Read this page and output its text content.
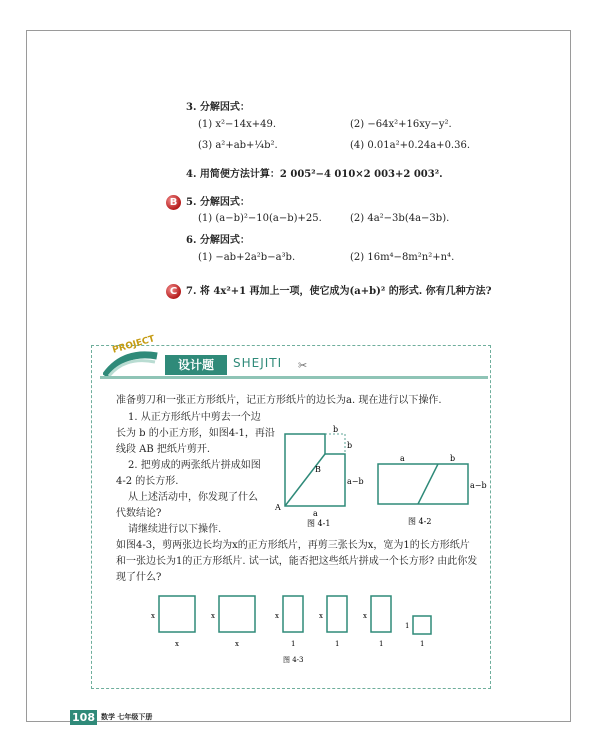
3. 分解因式：
(1) x²−14x+49.	(2) −64x²+16xy−y².
(3) a²+ab+¼b².	(4) 0.01a²+0.24a+0.36.
4. 用简便方法计算：2 005²−4 010×2 003+2 003².
B 5. 分解因式：
(1) (a−b)²−10(a−b)+25.	(2) 4a²−3b(4a−3b).
6. 分解因式：
(1) −ab+2a²b−a³b.	(2) 16m⁴−8m²n²+n⁴.
C 7. 将 4x²+1 再加上一项，使它成为(a+b)² 的形式. 你有几种方法?
PROJECT
设计题	SHEJITI ✂
准备剪刀和一张正方形纸片，记正方形纸片的边长为a. 现在进行以下操作.
1. 从正方形纸片中剪去一个边
长为 b 的小正方形，如图4-1，再沿
线段 AB 把纸片剪开.
2. 把剪成的两张纸片拼成如图
4-2 的长方形.
从上述活动中，你发现了什么
代数结论?
请继续进行以下操作.
如图4-3，剪两张边长均为x的正方形纸片，再剪三张长为x，宽为1的长方形纸片
和一张边长为1的正方形纸片. 试一试，能否把这些纸片拼成一个长方形? 由此你发
现了什么?
b
b
a−b
B
A
a
图 4-1
a	b
a−b
图 4-2
x
x
x
x
x
1
x
1
x
1
1
1
图 4-3
108 数学 七年级下册
